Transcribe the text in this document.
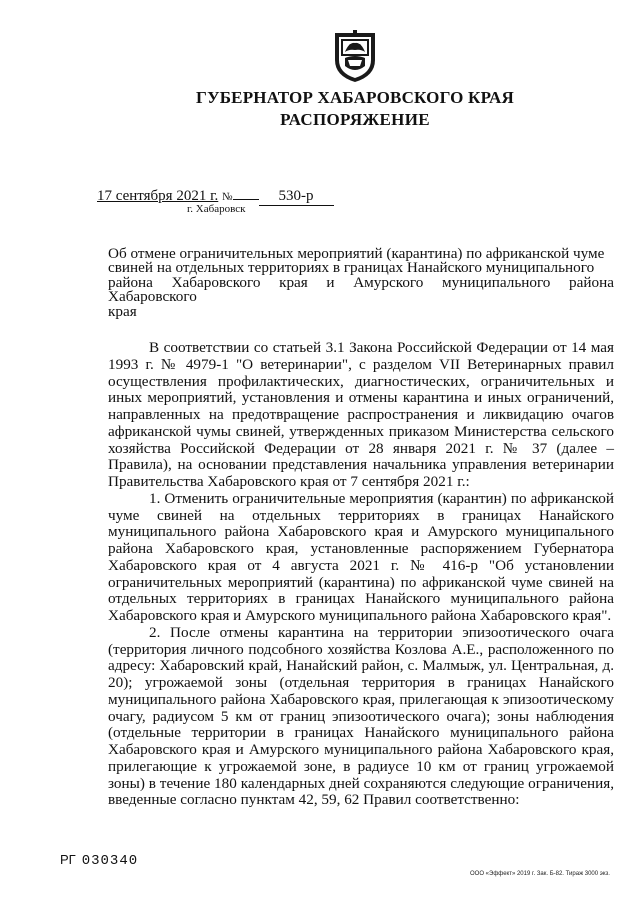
ГУБЕРНАТОР ХАБАРОВСКОГО КРАЯ
РАСПОРЯЖЕНИЕ
17 сентября 2021 г. №	530-р
г. Хабаровск

Об отмене ограничительных мероприятий (карантина) по африканской чуме

свиней на отдельных территориях в границах Нанайского муниципального

района Хабаровского края и Амурского муниципального района Хабаровского

края

В соответствии со статьей 3.1 Закона Российской Федерации от 14 мая 1993 г. № 4979-1 "О ветеринарии", с разделом VII Ветеринарных правил осуществления профилактических, диагностических, ограничительных и иных мероприятий, установления и отмены карантина и иных ограничений, направленных на предотвращение распространения и ликвидацию очагов африканской чумы свиней, утвержденных приказом Министерства сельского хозяйства Российской Федерации от 28 января 2021 г. № 37 (далее – Правила), на основании представления начальника управления ветеринарии Правительства Хабаровского края от 7 сентября 2021 г.:

1. Отменить ограничительные мероприятия (карантин) по африканской чуме свиней на отдельных территориях в границах Нанайского муниципального района Хабаровского края и Амурского муниципального района Хабаровского края, установленные распоряжением Губернатора Хабаровского края от 4 августа 2021 г. № 416-р "Об установлении ограничительных мероприятий (карантина) по африканской чуме свиней на отдельных территориях в границах Нанайского муниципального района Хабаровского края и Амурского муниципального района Хабаровского края".

2. После отмены карантина на территории эпизоотического очага (территория личного подсобного хозяйства Козлова А.Е., расположенного по адресу: Хабаровский край, Нанайский район, с. Малмыж, ул. Центральная, д. 20); угрожаемой зоны (отдельная территория в границах Нанайского муниципального района Хабаровского края, прилегающая к эпизоотическому очагу, радиусом 5 км от границ эпизоотического очага); зоны наблюдения (отдельные территории в границах Нанайского муниципального района Хабаровского края и Амурского муниципального района Хабаровского края, прилегающие к угрожаемой зоне, в радиусе 10 км от границ угрожаемой зоны) в течение 180 календарных дней сохраняются следующие ограничения, введенные согласно пунктам 42, 59, 62 Правил соответственно:

РГ 030340
ООО «Эффект» 2019 г. Зак. Б-82. Тираж 3000 экз.
